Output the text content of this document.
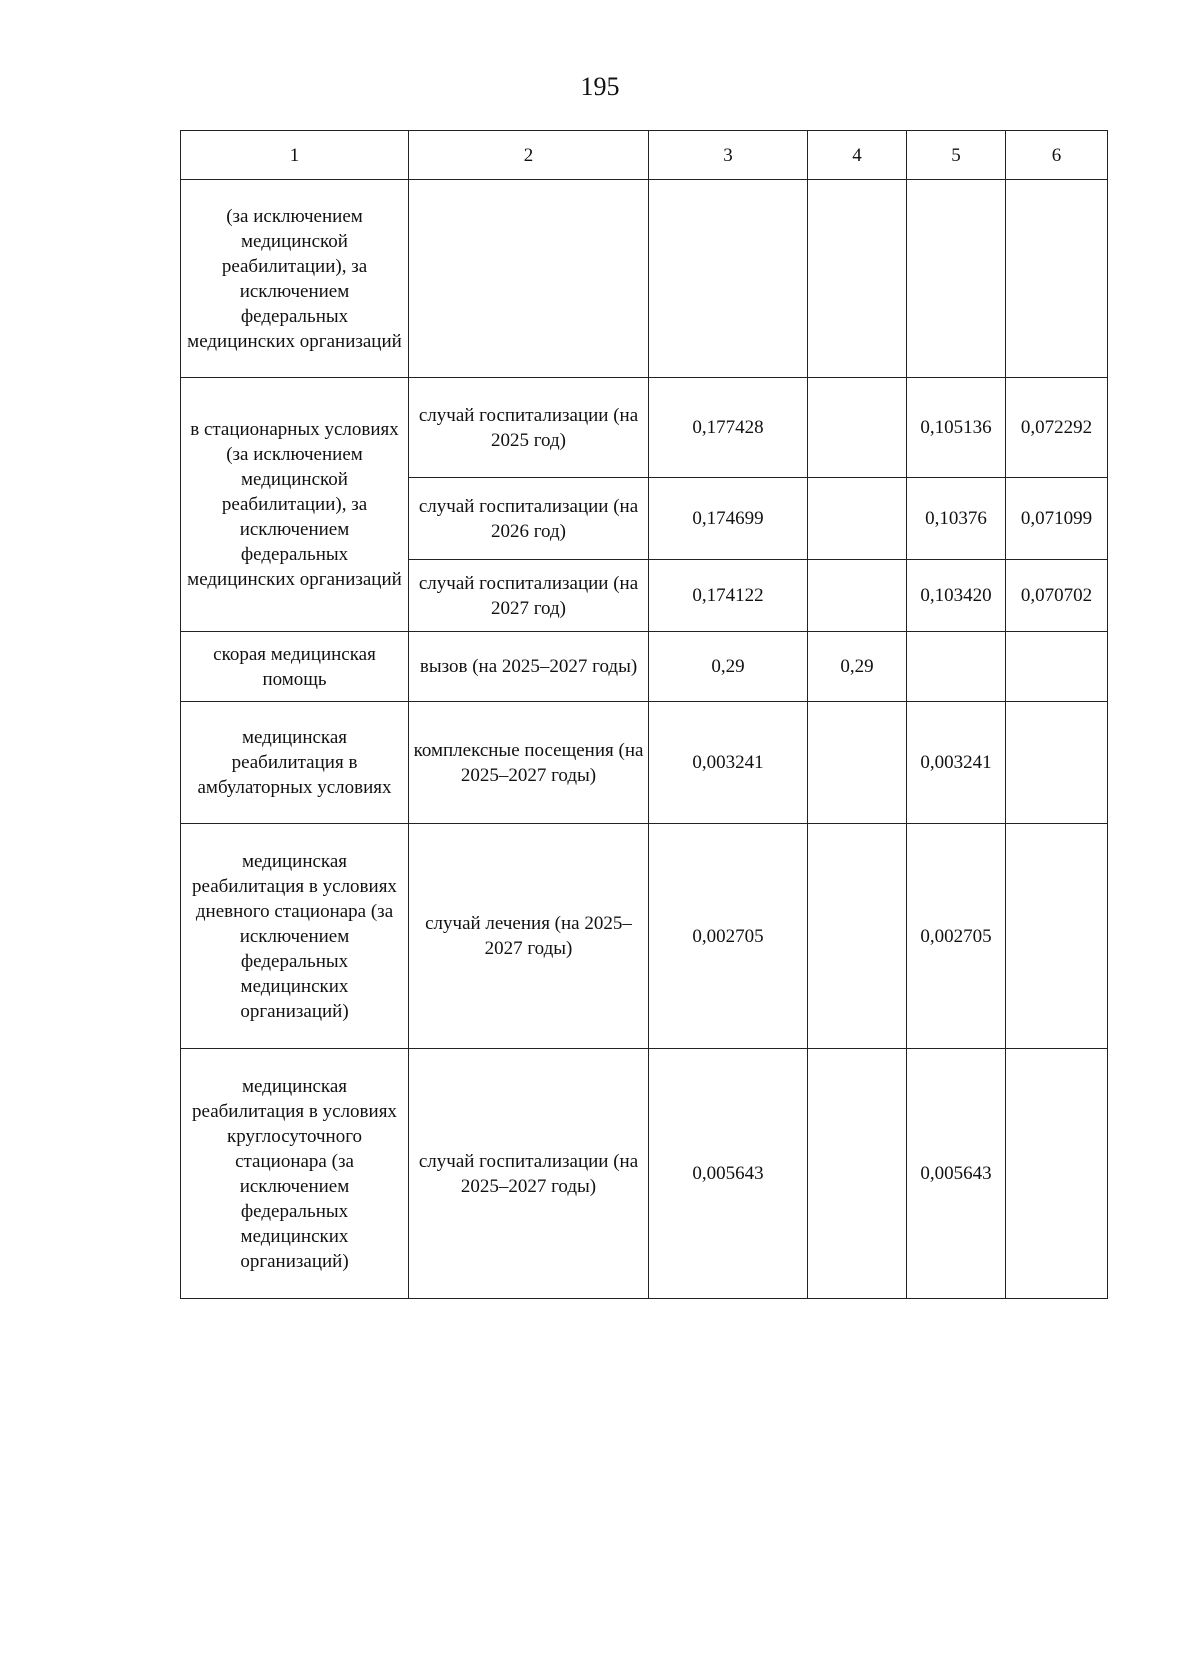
195
1	2	3	4	5	6
(за исключением медицинской реабилитации), за исключением федеральных медицинских организаций					
в стационарных условиях (за исключением медицинской реабилитации), за исключением федеральных медицинских организаций	случай госпитализации (на 2025 год)	0,177428		0,105136	0,072292
	случай госпитализации (на 2026 год)	0,174699		0,10376	0,071099
	случай госпитализации (на 2027 год)	0,174122		0,103420	0,070702
скорая медицинская помощь	вызов (на 2025–2027 годы)	0,29	0,29		
медицинская реабилитация в амбулаторных условиях	комплексные посещения (на 2025–2027 годы)	0,003241		0,003241	
медицинская реабилитация в условиях дневного стационара (за исключением федеральных медицинских организаций)	случай лечения (на 2025–2027 годы)	0,002705		0,002705	
медицинская реабилитация в условиях круглосуточного стационара (за исключением федеральных медицинских организаций)	случай госпитализации (на 2025–2027 годы)	0,005643		0,005643	
